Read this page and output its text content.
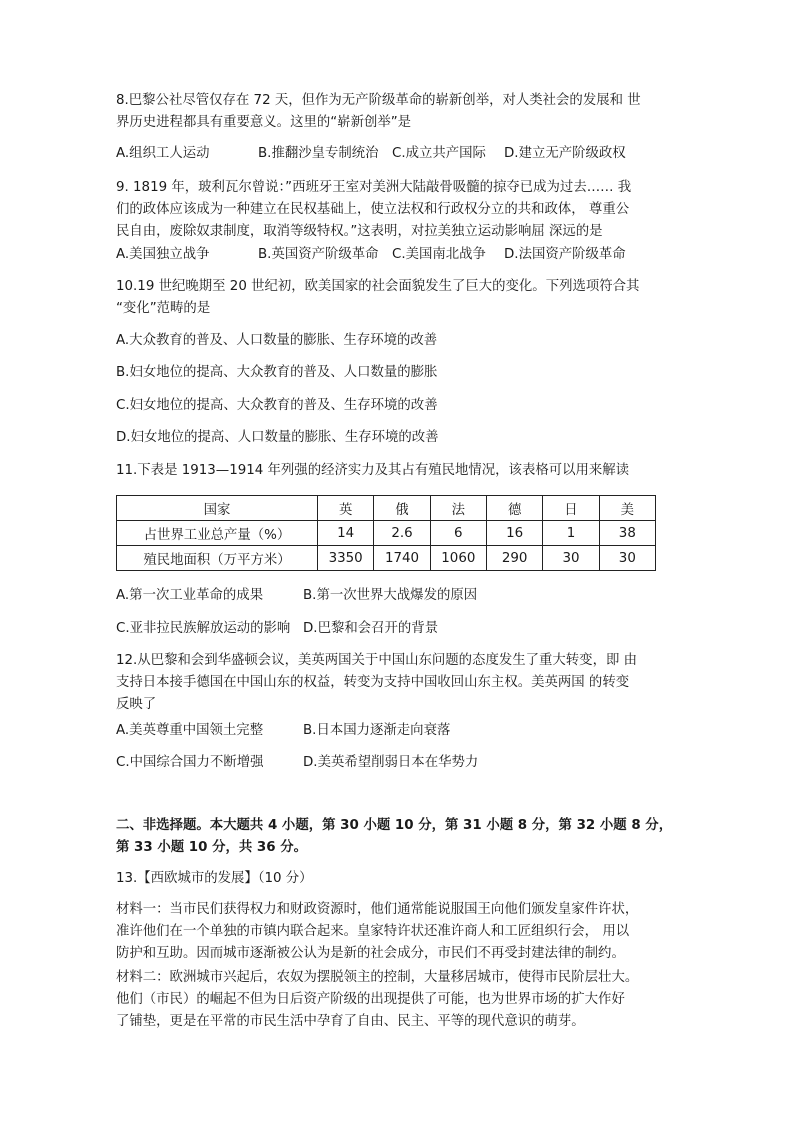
8.巴黎公社尽管仅存在 72 天，但作为无产阶级革命的崭新创举，对人类社会的发展和 世
界历史进程都具有重要意义。这里的“崭新创举”是
A.组织工人运动	B.推翻沙皇专制统治 C.成立共产国际 D.建立无产阶级政权
9. 1819 年，玻利瓦尔曾说：”西班牙王室对美洲大陆敲骨吸髓的掠夺已成为过去…… 我
们的政体应该成为一种建立在民权基础上，使立法权和行政权分立的共和政体， 尊重公
民自由，废除奴隶制度，取消等级特权。”这表明，对拉美独立运动影响屈 深远的是
A.美国独立战争	B.英国资产阶级革命 C.美国南北战争 D.法国资产阶级革命
10.19 世纪晚期至 20 世纪初，欧美国家的社会面貌发生了巨大的变化。下列选项符合其
“变化”范畴的是
A.大众教育的普及、人口数量的膨胀、生存环境的改善
B.妇女地位的提高、大众教育的普及、人口数量的膨胀
C.妇女地位的提高、大众教育的普及、生存环境的改善
D.妇女地位的提高、人口数量的膨胀、生存环境的改善
11.下表是 1913—1914 年列强的经济实力及其占有殖民地情况，该表格可以用来解读
国家	英	俄	法	德	日	美
占世界工业总产量（%）	14	2.6	6	16	1	38
殖民地面积（万平方米）	3350	1740	1060	290	30	30
A.第一次工业革命的成果	B.第一次世界大战爆发的原因
C.亚非拉民族解放运动的影响 D.巴黎和会召开的背景
12.从巴黎和会到华盛顿会议，美英两国关于中国山东问题的态度发生了重大转变，即 由
支持日本接手德国在中国山东的权益，转变为支持中国收回山东主权。美英两国 的转变
反映了
A.美英尊重中国领土完整	B.日本国力逐渐走向衰落
C.中国综合国力不断增强	D.美英希望削弱日本在华势力
二、非选择题。本大题共 4 小题，第 30 小题 10 分，第 31 小题 8 分，第 32 小题 8 分，
第 33 小题 10 分，共 36 分。
13.【西欧城市的发展】（10 分）
材料一：当市民们获得权力和财政资源时，他们通常能说服国王向他们颁发皇家件许状，
准许他们在一个单独的市镇内联合起来。皇家特许状还准许商人和工匠组织行会， 用以
防护和互助。因而城市逐渐被公认为是新的社会成分，市民们不再受封建法律的制约。
材料二：欧洲城市兴起后，农奴为摆脱领主的控制，大量移居城市，使得市民阶层壮大。
他们（市民）的崛起不但为日后资产阶级的出现提供了可能，也为世界市场的扩大作好
了铺垫，更是在平常的市民生活中孕育了自由、民主、平等的现代意识的萌芽。
